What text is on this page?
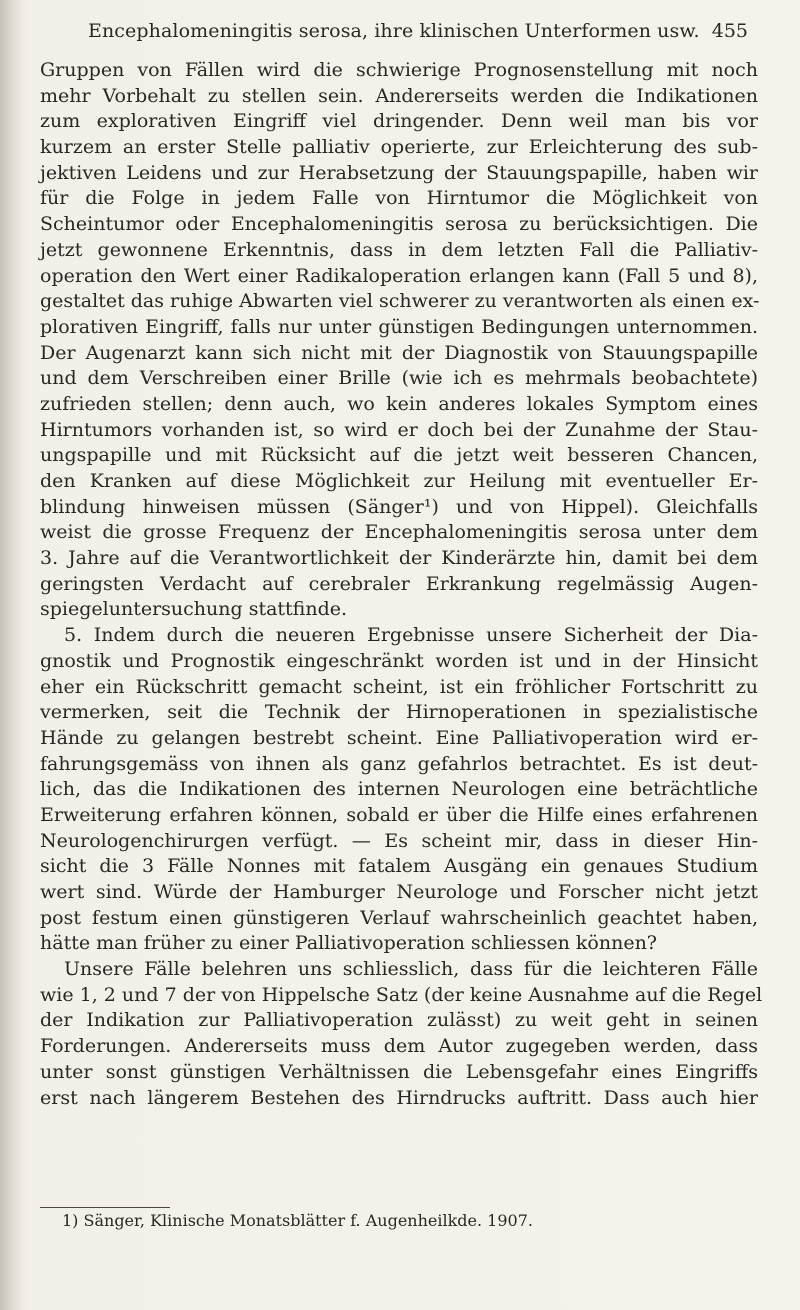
Encephalomeningitis serosa, ihre klinischen Unterformen usw. 455
Gruppen von Fällen wird die schwierige Prognosenstellung mit noch
mehr Vorbehalt zu stellen sein. Andererseits werden die Indikationen
zum explorativen Eingriff viel dringender. Denn weil man bis vor
kurzem an erster Stelle palliativ operierte, zur Erleichterung des sub-
jektiven Leidens und zur Herabsetzung der Stauungspapille, haben wir
für die Folge in jedem Falle von Hirntumor die Möglichkeit von
Scheintumor oder Encephalomeningitis serosa zu berücksichtigen. Die
jetzt gewonnene Erkenntnis, dass in dem letzten Fall die Palliativ-
operation den Wert einer Radikaloperation erlangen kann (Fall 5 und 8),
gestaltet das ruhige Abwarten viel schwerer zu verantworten als einen ex-
plorativen Eingriff, falls nur unter günstigen Bedingungen unternommen.
Der Augenarzt kann sich nicht mit der Diagnostik von Stauungspapille
und dem Verschreiben einer Brille (wie ich es mehrmals beobachtete)
zufrieden stellen; denn auch, wo kein anderes lokales Symptom eines
Hirntumors vorhanden ist, so wird er doch bei der Zunahme der Stau-
ungspapille und mit Rücksicht auf die jetzt weit besseren Chancen,
den Kranken auf diese Möglichkeit zur Heilung mit eventueller Er-
blindung hinweisen müssen (Sänger¹) und von Hippel). Gleichfalls
weist die grosse Frequenz der Encephalomeningitis serosa unter dem
3. Jahre auf die Verantwortlichkeit der Kinderärzte hin, damit bei dem
geringsten Verdacht auf cerebraler Erkrankung regelmässig Augen-
spiegeluntersuchung stattfinde.
5. Indem durch die neueren Ergebnisse unsere Sicherheit der Dia-
gnostik und Prognostik eingeschränkt worden ist und in der Hinsicht
eher ein Rückschritt gemacht scheint, ist ein fröhlicher Fortschritt zu
vermerken, seit die Technik der Hirnoperationen in spezialistische
Hände zu gelangen bestrebt scheint. Eine Palliativoperation wird er-
fahrungsgemäss von ihnen als ganz gefahrlos betrachtet. Es ist deut-
lich, das die Indikationen des internen Neurologen eine beträchtliche
Erweiterung erfahren können, sobald er über die Hilfe eines erfahrenen
Neurologenchirurgen verfügt. — Es scheint mir, dass in dieser Hin-
sicht die 3 Fälle Nonnes mit fatalem Ausgäng ein genaues Studium
wert sind. Würde der Hamburger Neurologe und Forscher nicht jetzt
post festum einen günstigeren Verlauf wahrscheinlich geachtet haben,
hätte man früher zu einer Palliativoperation schliessen können?
Unsere Fälle belehren uns schliesslich, dass für die leichteren Fälle
wie 1, 2 und 7 der von Hippelsche Satz (der keine Ausnahme auf die Regel
der Indikation zur Palliativoperation zulässt) zu weit geht in seinen
Forderungen. Andererseits muss dem Autor zugegeben werden, dass
unter sonst günstigen Verhältnissen die Lebensgefahr eines Eingriffs
erst nach längerem Bestehen des Hirndrucks auftritt. Dass auch hier
1) Sänger, Klinische Monatsblätter f. Augenheilkde. 1907.
